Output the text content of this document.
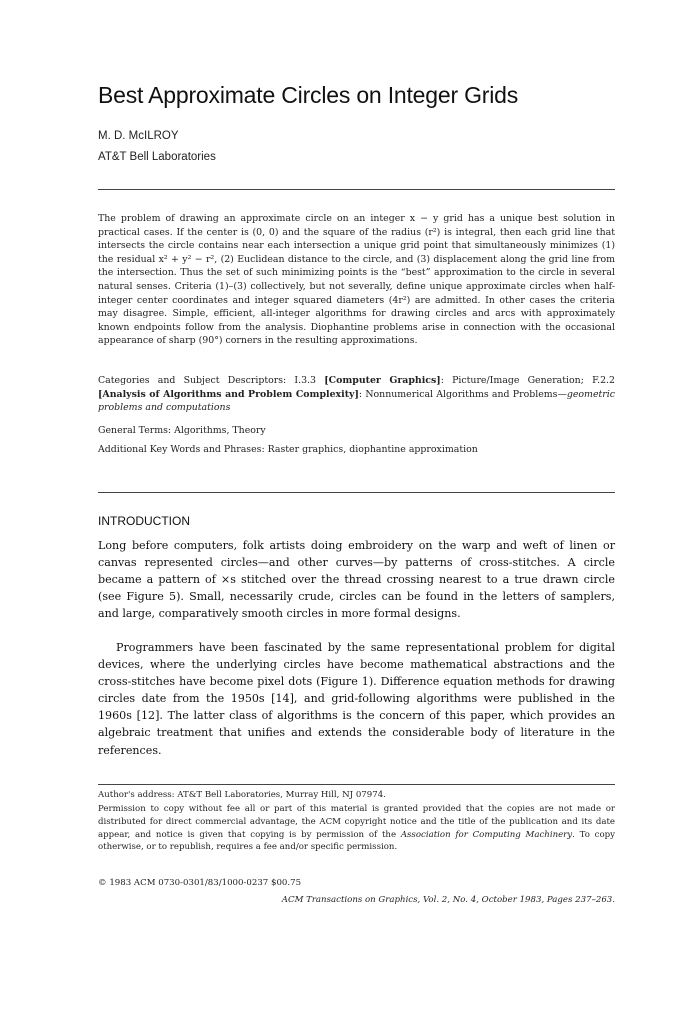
Best Approximate Circles on Integer Grids
M. D. McILROY
AT&T Bell Laboratories
The problem of drawing an approximate circle on an integer x − y grid has a unique best solution in practical cases. If the center is (0, 0) and the square of the radius (r²) is integral, then each grid line that intersects the circle contains near each intersection a unique grid point that simultaneously minimizes (1) the residual x² + y² − r², (2) Euclidean distance to the circle, and (3) displacement along the grid line from the intersection. Thus the set of such minimizing points is the “best” approximation to the circle in several natural senses. Criteria (1)–(3) collectively, but not severally, define unique approximate circles when half-integer center coordinates and integer squared diameters (4r²) are admitted. In other cases the criteria may disagree. Simple, efficient, all-integer algorithms for drawing circles and arcs with approximately known endpoints follow from the analysis. Diophantine problems arise in connection with the occasional appearance of sharp (90°) corners in the resulting approximations.
Categories and Subject Descriptors: I.3.3 [Computer Graphics]: Picture/Image Generation; F.2.2 [Analysis of Algorithms and Problem Complexity]: Nonnumerical Algorithms and Problems—geometric problems and computations
General Terms: Algorithms, Theory
Additional Key Words and Phrases: Raster graphics, diophantine approximation
INTRODUCTION

Long before computers, folk artists doing embroidery on the warp and weft of linen or canvas represented circles—and other curves—by patterns of cross-stitches. A circle became a pattern of ×s stitched over the thread crossing nearest to a true drawn circle (see Figure 5). Small, necessarily crude, circles can be found in the letters of samplers, and large, comparatively smooth circles in more formal designs.

Programmers have been fascinated by the same representational problem for digital devices, where the underlying circles have become mathematical abstractions and the cross-stitches have become pixel dots (Figure 1). Difference equation methods for drawing circles date from the 1950s [14], and grid-following algorithms were published in the 1960s [12]. The latter class of algorithms is the concern of this paper, which provides an algebraic treatment that unifies and extends the considerable body of literature in the references.

Author's address: AT&T Bell Laboratories, Murray Hill, NJ 07974.
Permission to copy without fee all or part of this material is granted provided that the copies are not made or distributed for direct commercial advantage, the ACM copyright notice and the title of the publication and its date appear, and notice is given that copying is by permission of the Association for Computing Machinery. To copy otherwise, or to republish, requires a fee and/or specific permission.
© 1983 ACM 0730-0301/83/1000-0237 $00.75
ACM Transactions on Graphics, Vol. 2, No. 4, October 1983, Pages 237–263.
